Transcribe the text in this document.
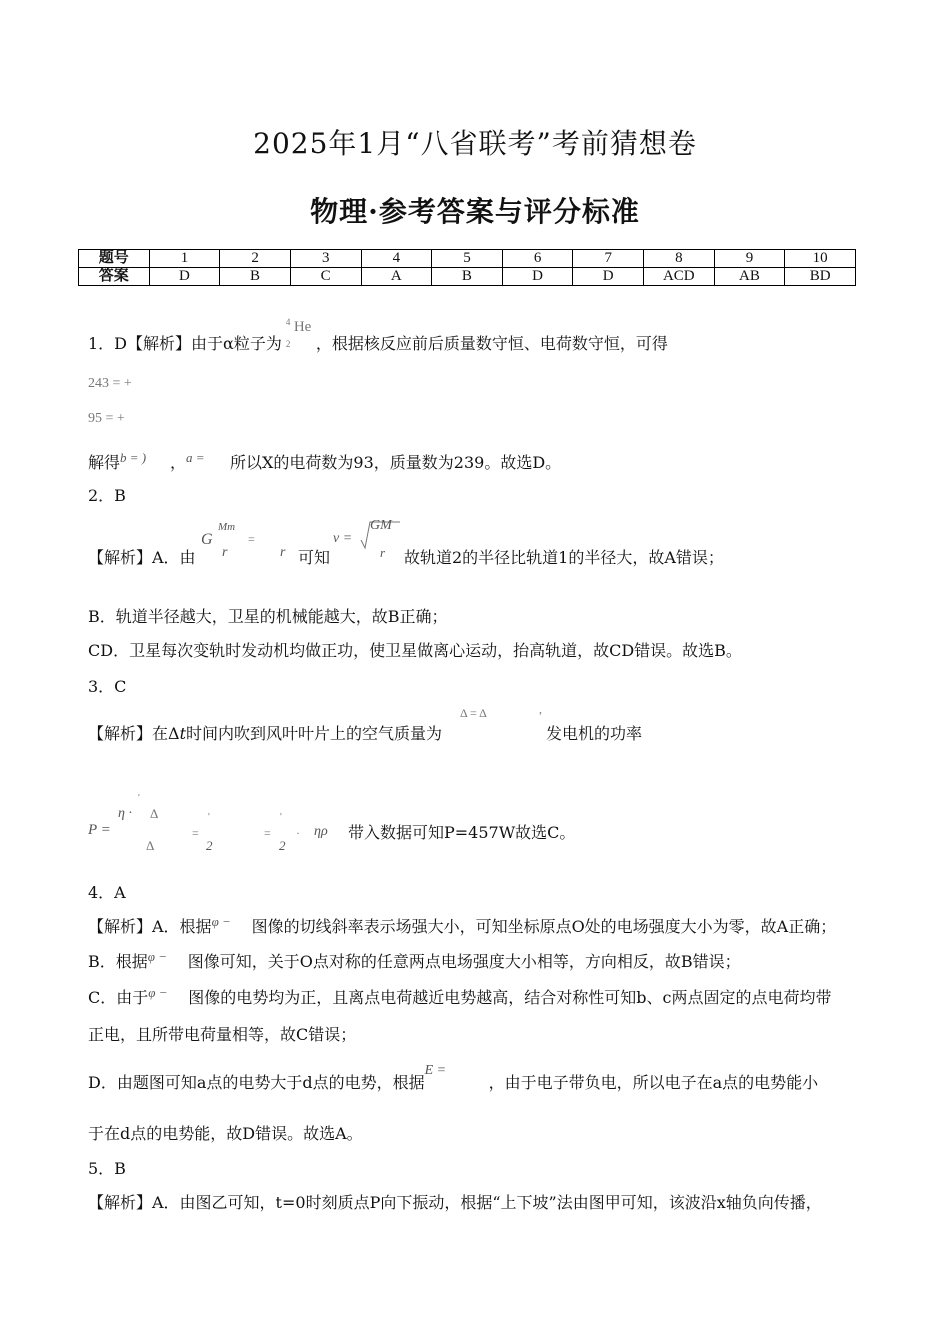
2025年1月“八省联考”考前猜想卷
物理·参考答案与评分标准
题号	1	2	3	4	5	6	7	8	9	10
答案	D	B	C	A	B	D	D	ACD	AB	BD
1．D【解析】由于α粒子为
4
2
He
，根据核反应前后质量数守恒、电荷数守恒，可得
243 = +
95 = +
解得b = ) ，a = 所以X的电荷数为93，质量数为239。故选D。
2．B
【解析】A．由
G
Mm
r
=
r 可知
v =
GM
r 故轨道2的半径比轨道1的半径大，故A错误；
B．轨道半径越大，卫星的机械能越大，故B正确；
CD．卫星每次变轨时发动机均做正功，使卫星做离心运动，抬高轨道，故CD错误。故选B。
3．C
【解析】在Δt时间内吹到风叶叶片上的空气质量为
Δ = Δ	,
发电机的功率
P =
η ·
'
Δ
Δ
=
'
2
=
'
2
· ηρ 带入数据可知P=457W故选C。
4．A
【解析】A．根据φ − 图像的切线斜率表示场强大小，可知坐标原点O处的电场强度大小为零，故A正确；
B．根据φ − 图像可知，关于O点对称的任意两点电场强度大小相等，方向相反，故B错误；
C．由于φ − 图像的电势均为正，且离点电荷越近电势越高，结合对称性可知b、c两点固定的点电荷均带
正电，且所带电荷量相等，故C错误；
D．由题图可知a点的电势大于d点的电势，根据E =，由于电子带负电，所以电子在a点的电势能小
于在d点的电势能，故D错误。故选A。
5．B
【解析】A．由图乙可知，t=0时刻质点P向下振动，根据“上下坡”法由图甲可知，该波沿x轴负向传播，
